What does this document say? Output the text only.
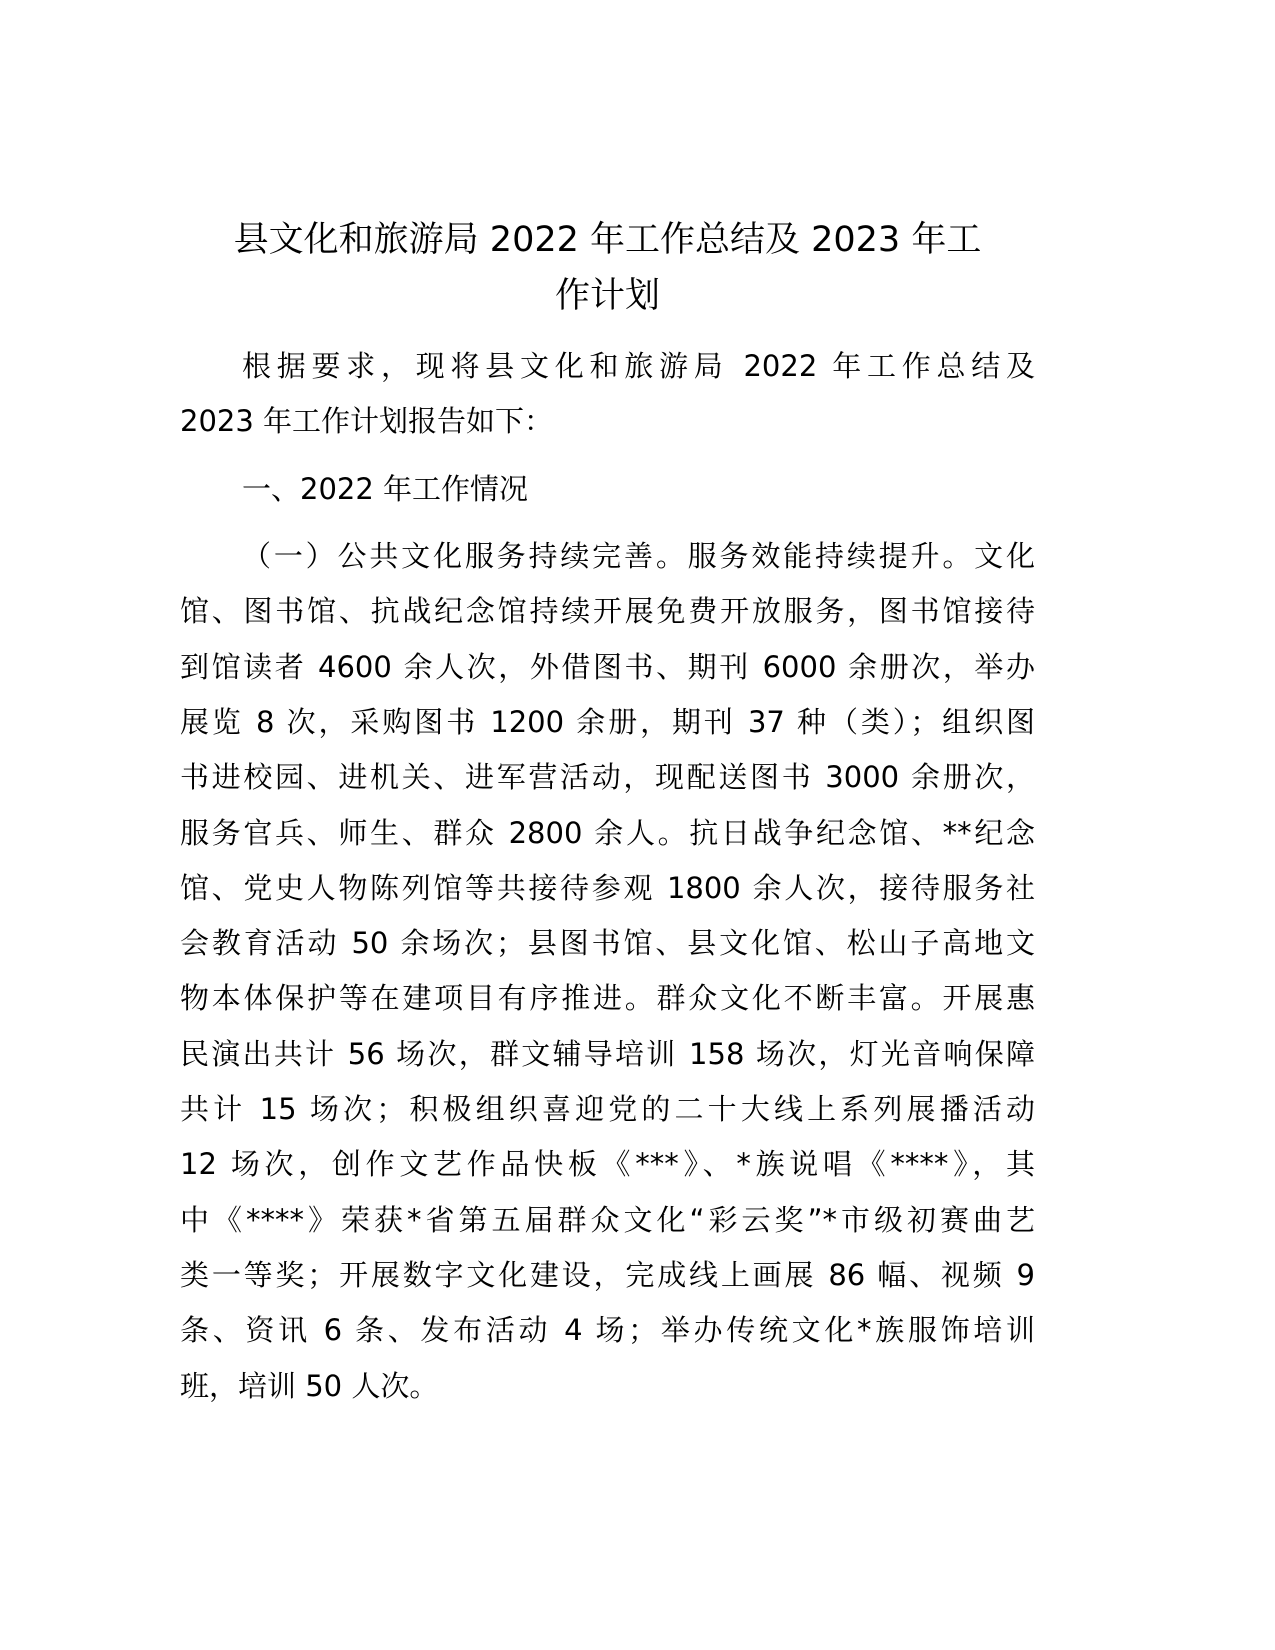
县文化和旅游局 2022 年工作总结及 2023 年工
作计划
根据要求，现将县文化和旅游局 2022 年工作总结及
2023 年工作计划报告如下：
一、2022 年工作情况
（一）公共文化服务持续完善。服务效能持续提升。文化
馆、图书馆、抗战纪念馆持续开展免费开放服务，图书馆接待
到馆读者 4600 余人次，外借图书、期刊 6000 余册次，举办
展览 8 次，采购图书 1200 余册，期刊 37 种（类）；组织图
书进校园、进机关、进军营活动，现配送图书 3000 余册次，
服务官兵、师生、群众 2800 余人。抗日战争纪念馆、**纪念
馆、党史人物陈列馆等共接待参观 1800 余人次，接待服务社
会教育活动 50 余场次；县图书馆、县文化馆、松山子高地文
物本体保护等在建项目有序推进。群众文化不断丰富。开展惠
民演出共计 56 场次，群文辅导培训 158 场次，灯光音响保障
共计 15 场次；积极组织喜迎党的二十大线上系列展播活动
12 场次，创作文艺作品快板《***》、*族说唱《****》，其
中《****》荣获*省第五届群众文化“彩云奖”*市级初赛曲艺
类一等奖；开展数字文化建设，完成线上画展 86 幅、视频 9
条、资讯 6 条、发布活动 4 场；举办传统文化*族服饰培训
班，培训 50 人次。
